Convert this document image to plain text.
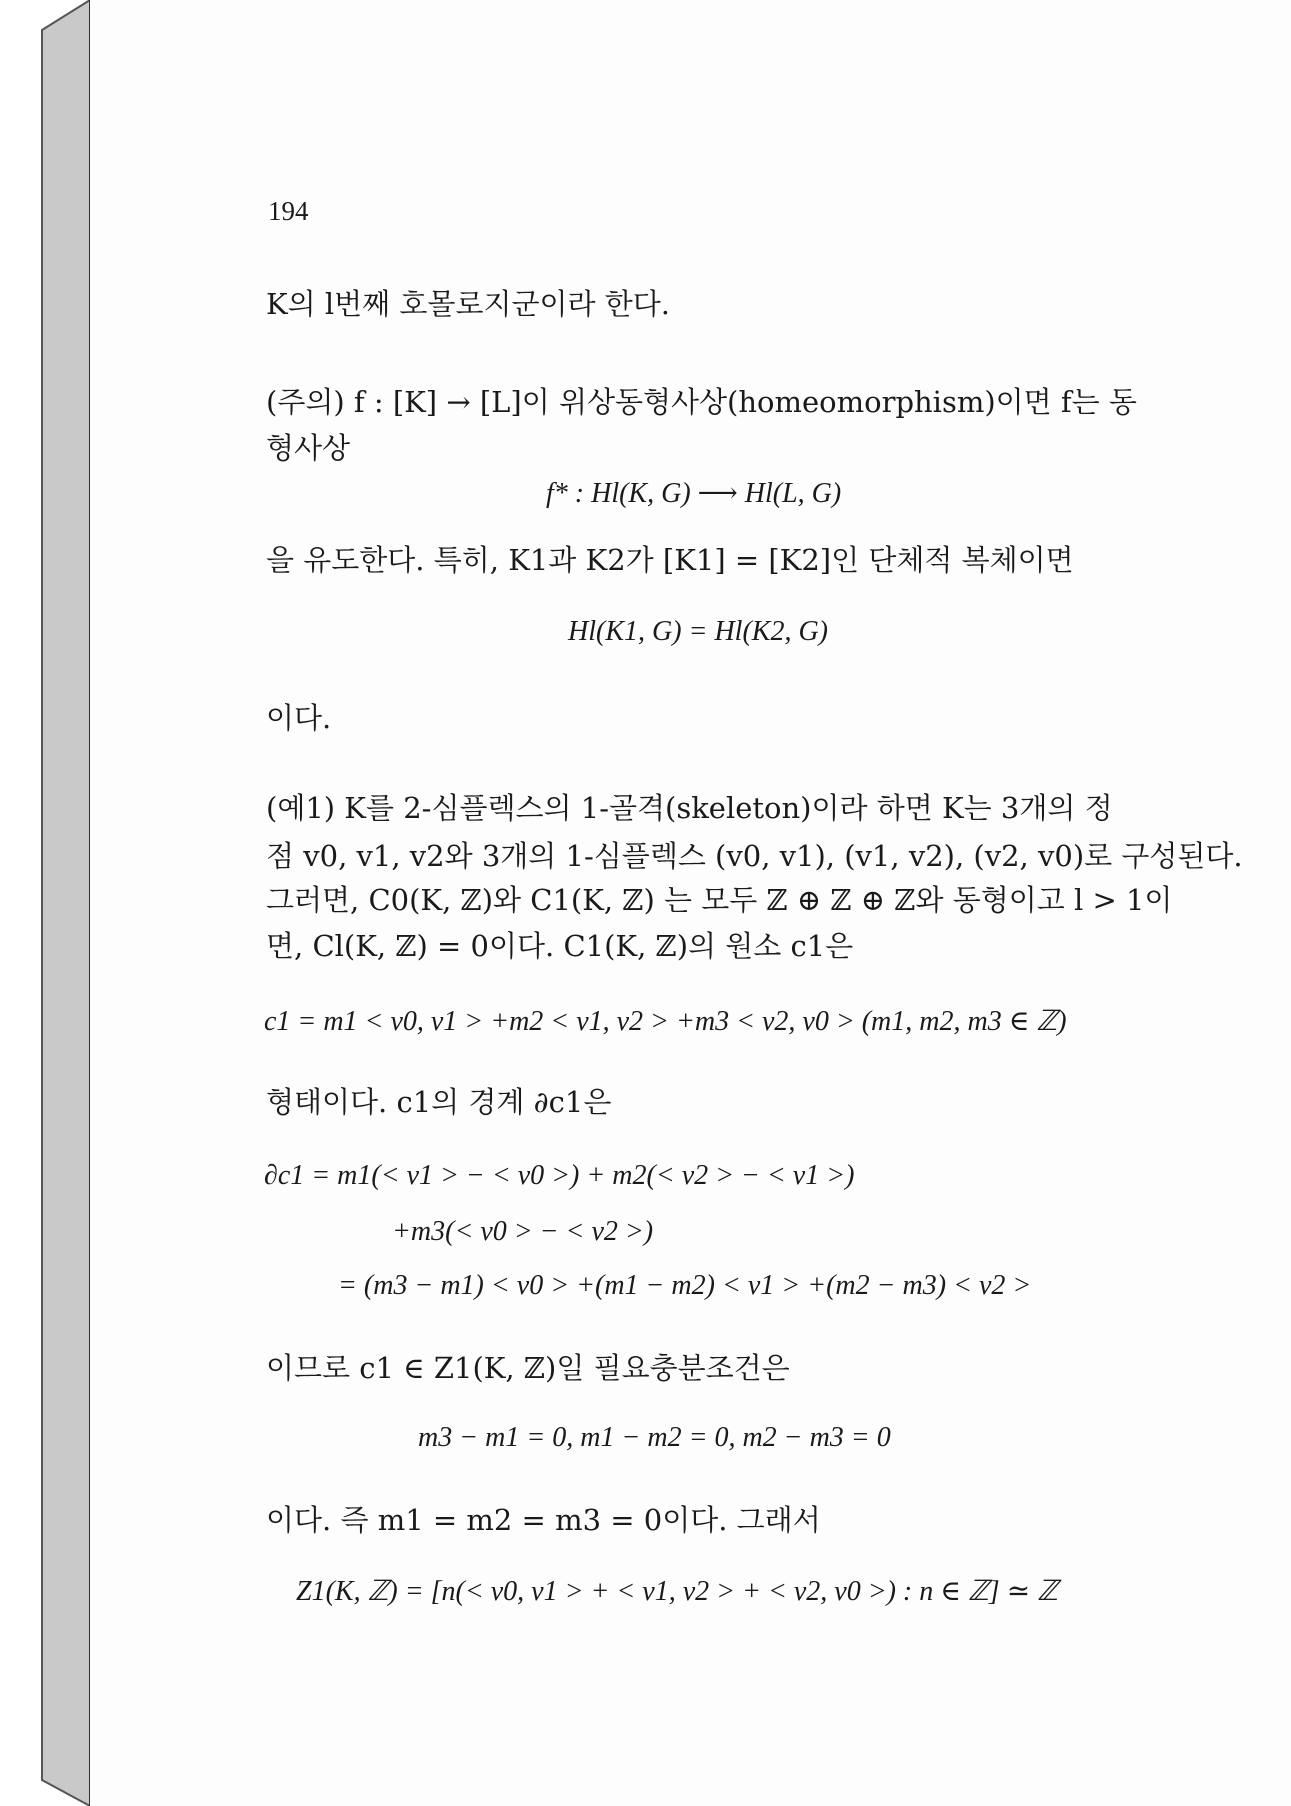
194
K의 l번째 호몰로지군이라 한다.
(주의) f : [K] → [L]이 위상동형사상(homeomorphism)이면 f는 동
형사상
f* : Hl(K, G) ⟶ Hl(L, G)
을 유도한다. 특히, K1과 K2가 [K1] = [K2]인 단체적 복체이면
Hl(K1, G) = Hl(K2, G)
이다.
(예1) K를 2-심플렉스의 1-골격(skeleton)이라 하면 K는 3개의 정
점 v0, v1, v2와 3개의 1-심플렉스 (v0, v1), (v1, v2), (v2, v0)로 구성된다.
그러면, C0(K, ℤ)와 C1(K, ℤ) 는 모두 ℤ ⊕ ℤ ⊕ ℤ와 동형이고 l > 1이
면, Cl(K, ℤ) = 0이다. C1(K, ℤ)의 원소 c1은
c1 = m1 < v0, v1 > +m2 < v1, v2 > +m3 < v2, v0 > (m1, m2, m3 ∈ ℤ)
형태이다. c1의 경계 ∂c1은
∂c1 = m1(< v1 > − < v0 >) + m2(< v2 > − < v1 >)
+m3(< v0 > − < v2 >)
= (m3 − m1) < v0 > +(m1 − m2) < v1 > +(m2 − m3) < v2 >
이므로 c1 ∈ Z1(K, ℤ)일 필요충분조건은
m3 − m1 = 0, m1 − m2 = 0, m2 − m3 = 0
이다. 즉 m1 = m2 = m3 = 0이다. 그래서
Z1(K, ℤ) = [n(< v0, v1 > + < v1, v2 > + < v2, v0 >) : n ∈ ℤ] ≃ ℤ
